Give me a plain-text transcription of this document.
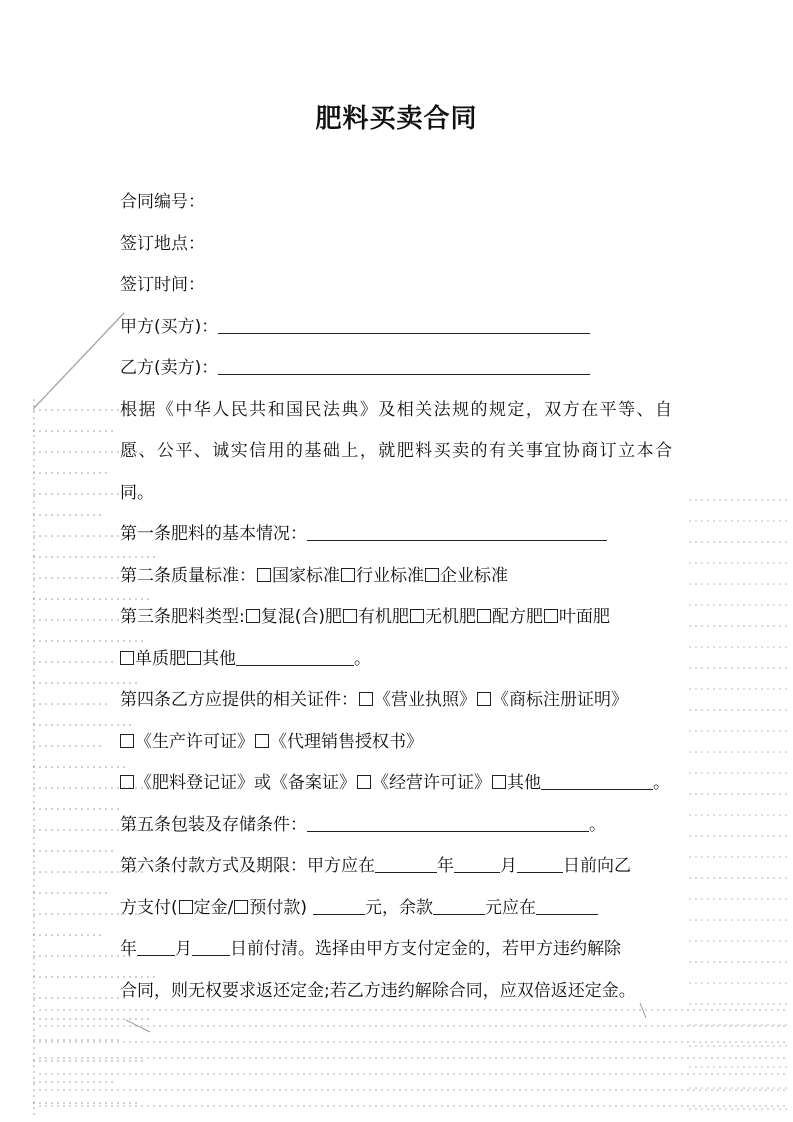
肥料买卖合同
合同编号：
签订地点：
签订时间：
甲方(买方)：
乙方(卖方)：
根据《中华人民共和国民法典》及相关法规的规定，双方在平等、自
愿、公平、诚实信用的基础上，就肥料买卖的有关事宜协商订立本合
同。
第一条肥料的基本情况：
第二条质量标准： 国家标准 行业标准 企业标准
第三条肥料类型: 复混(合)肥 有机肥 无机肥 配方肥 叶面肥
单质肥 其他	。
第四条乙方应提供的相关证件： 《营业执照》 《商标注册证明》
《生产许可证》 《代理销售授权书》
《肥料登记证》或《备案证》 《经营许可证》 其他	。
第五条包装及存储条件：	。
第六条付款方式及期限：甲方应在	年	月	日前向乙
方支付( 定金/ 预付款)	元，余款	元应在
年 月 日前付清。选择由甲方支付定金的，若甲方违约解除
合同，则无权要求返还定金;若乙方违约解除合同，应双倍返还定金。
